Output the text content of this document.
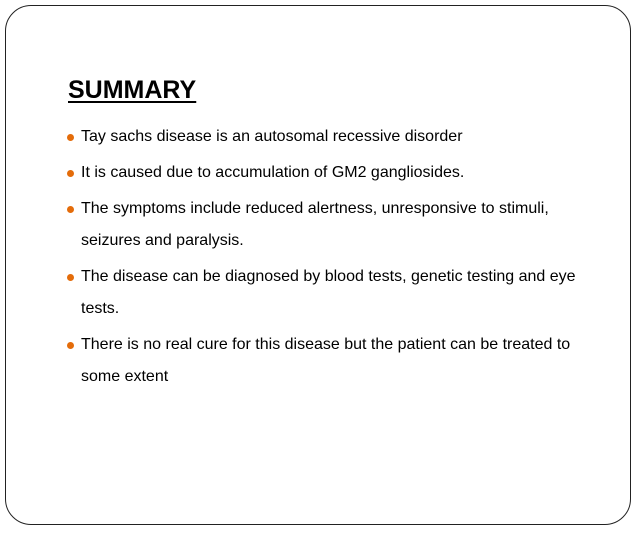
SUMMARY
Tay sachs disease is an autosomal recessive disorder
It is caused due to accumulation of GM2 gangliosides.
The symptoms include reduced alertness, unresponsive to stimuli, seizures and paralysis.
The disease can be diagnosed by blood tests, genetic testing and eye tests.
There is no real cure for this disease but the patient can be treated to some extent
